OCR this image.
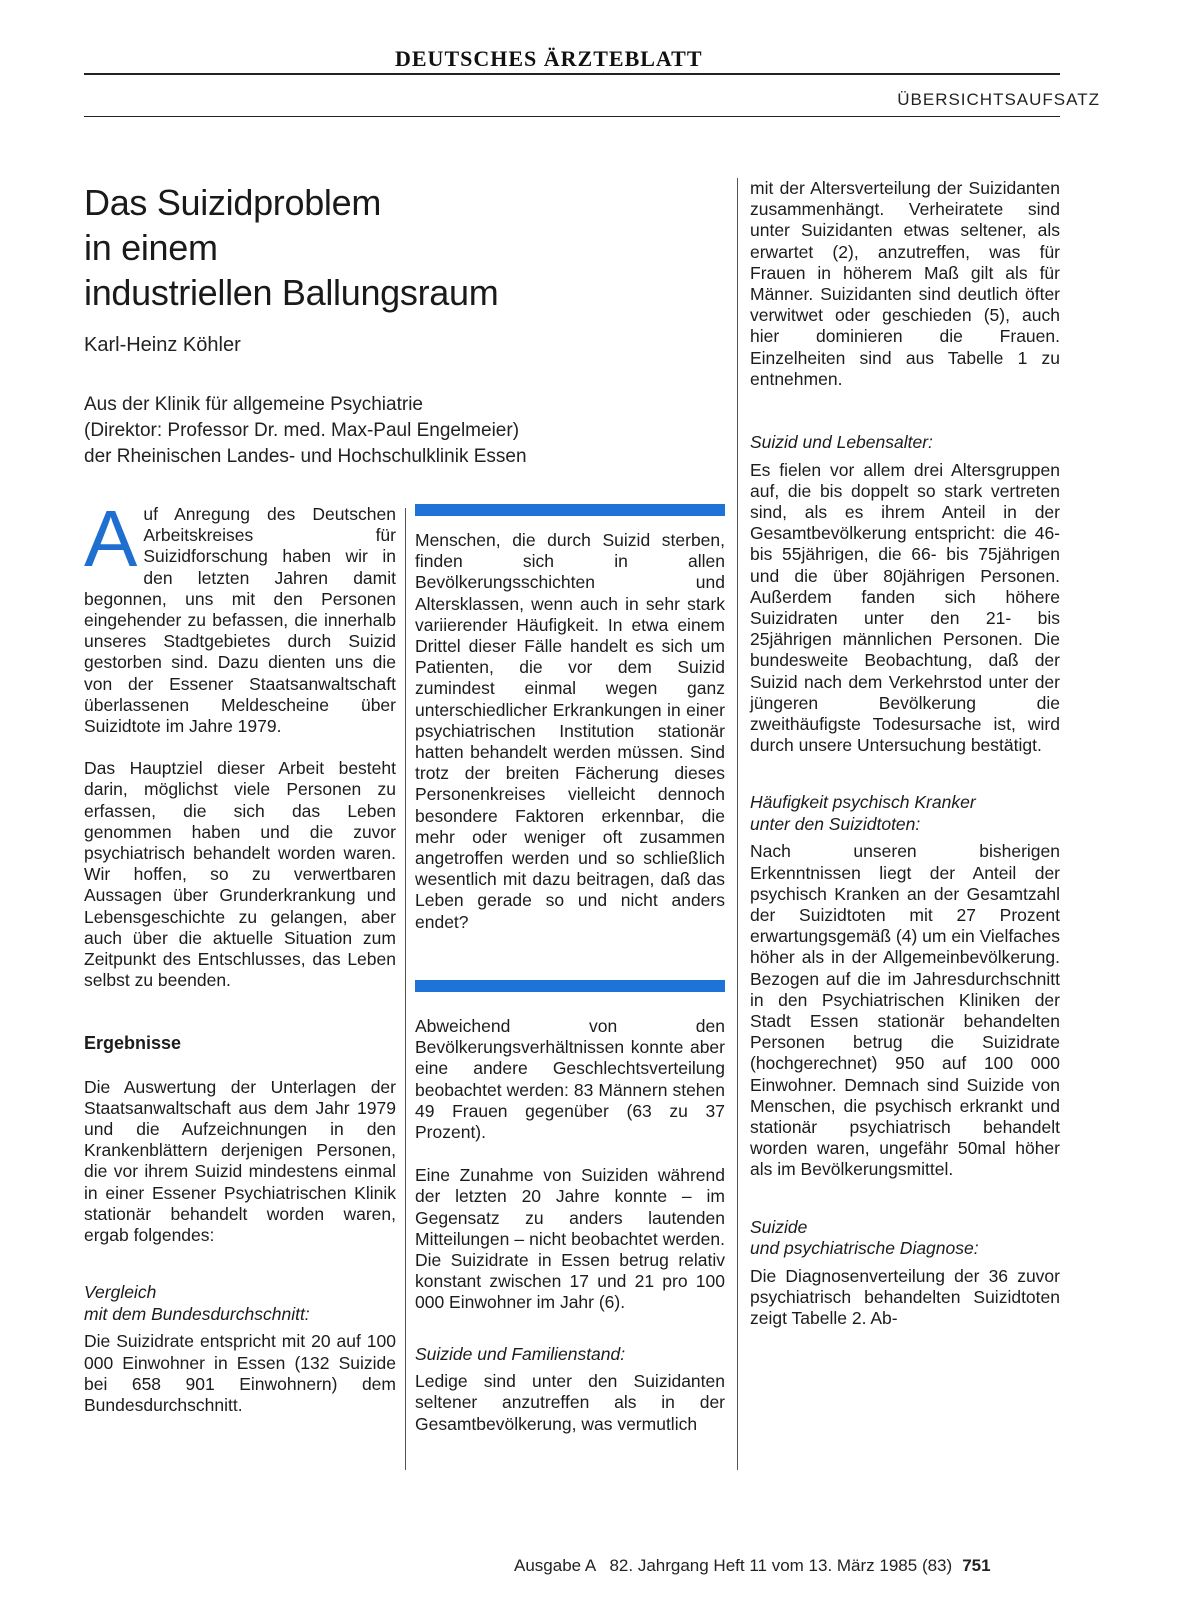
DEUTSCHES ÄRZTEBLATT
ÜBERSICHTSAUFSATZ
Das Suizidproblem
in einem
industriellen Ballungsraum
Karl-Heinz Köhler
Aus der Klinik für allgemeine Psychiatrie
(Direktor: Professor Dr. med. Max-Paul Engelmeier)
der Rheinischen Landes- und Hochschulklinik Essen

Auf Anregung des Deutschen Arbeitskreises für Suizidforschung haben wir in den letzten Jahren damit begonnen, uns mit den Personen eingehender zu befassen, die innerhalb unseres Stadtgebietes durch Suizid gestorben sind. Dazu dienten uns die von der Essener Staatsanwaltschaft überlassenen Meldescheine über Suizidtote im Jahre 1979.

Das Hauptziel dieser Arbeit besteht darin, möglichst viele Personen zu erfassen, die sich das Leben genommen haben und die zuvor psychiatrisch behandelt worden waren. Wir hoffen, so zu verwertbaren Aussagen über Grunderkrankung und Lebensgeschichte zu gelangen, aber auch über die aktuelle Situation zum Zeitpunkt des Entschlusses, das Leben selbst zu beenden.

Ergebnisse

Die Auswertung der Unterlagen der Staatsanwaltschaft aus dem Jahr 1979 und die Aufzeichnungen in den Krankenblättern derjenigen Personen, die vor ihrem Suizid mindestens einmal in einer Essener Psychiatrischen Klinik stationär behandelt worden waren, ergab folgendes:

Vergleich
mit dem Bundesdurchschnitt:

Die Suizidrate entspricht mit 20 auf 100 000 Einwohner in Essen (132 Suizide bei 658 901 Einwohnern) dem Bundesdurchschnitt.

Menschen, die durch Suizid sterben, finden sich in allen Bevölkerungsschichten und Altersklassen, wenn auch in sehr stark variierender Häufigkeit. In etwa einem Drittel dieser Fälle handelt es sich um Patienten, die vor dem Suizid zumindest einmal wegen ganz unterschiedlicher Erkrankungen in einer psychiatrischen Institution stationär hatten behandelt werden müssen. Sind trotz der breiten Fächerung dieses Personenkreises vielleicht dennoch besondere Faktoren erkennbar, die mehr oder weniger oft zusammen angetroffen werden und so schließlich wesentlich mit dazu beitragen, daß das Leben gerade so und nicht anders endet?

Abweichend von den Bevölkerungsverhältnissen konnte aber eine andere Geschlechtsverteilung beobachtet werden: 83 Männern stehen 49 Frauen gegenüber (63 zu 37 Prozent).

Eine Zunahme von Suiziden während der letzten 20 Jahre konnte – im Gegensatz zu anders lautenden Mitteilungen – nicht beobachtet werden. Die Suizidrate in Essen betrug relativ konstant zwischen 17 und 21 pro 100 000 Einwohner im Jahr (6).

Suizide und Familienstand:

Ledige sind unter den Suizidanten seltener anzutreffen als in der Gesamtbevölkerung, was vermutlich

mit der Altersverteilung der Suizidanten zusammenhängt. Verheiratete sind unter Suizidanten etwas seltener, als erwartet (2), anzutreffen, was für Frauen in höherem Maß gilt als für Männer. Suizidanten sind deutlich öfter verwitwet oder geschieden (5), auch hier dominieren die Frauen. Einzelheiten sind aus Tabelle 1 zu entnehmen.

Suizid und Lebensalter:

Es fielen vor allem drei Altersgruppen auf, die bis doppelt so stark vertreten sind, als es ihrem Anteil in der Gesamtbevölkerung entspricht: die 46- bis 55jährigen, die 66- bis 75jährigen und die über 80jährigen Personen. Außerdem fanden sich höhere Suizidraten unter den 21- bis 25jährigen männlichen Personen. Die bundesweite Beobachtung, daß der Suizid nach dem Verkehrstod unter der jüngeren Bevölkerung die zweithäufigste Todesursache ist, wird durch unsere Untersuchung bestätigt.

Häufigkeit psychisch Kranker
unter den Suizidtoten:

Nach unseren bisherigen Erkenntnissen liegt der Anteil der psychisch Kranken an der Gesamtzahl der Suizidtoten mit 27 Prozent erwartungsgemäß (4) um ein Vielfaches höher als in der Allgemeinbevölkerung. Bezogen auf die im Jahresdurchschnitt in den Psychiatrischen Kliniken der Stadt Essen stationär behandelten Personen betrug die Suizidrate (hochgerechnet) 950 auf 100 000 Einwohner. Demnach sind Suizide von Menschen, die psychisch erkrankt und stationär psychiatrisch behandelt worden waren, ungefähr 50mal höher als im Bevölkerungsmittel.

Suizide
und psychiatrische Diagnose:

Die Diagnosenverteilung der 36 zuvor psychiatrisch behandelten Suizidtoten zeigt Tabelle 2. Ab-

Ausgabe A   82. Jahrgang Heft 11 vom 13. März 1985 (83) 751
